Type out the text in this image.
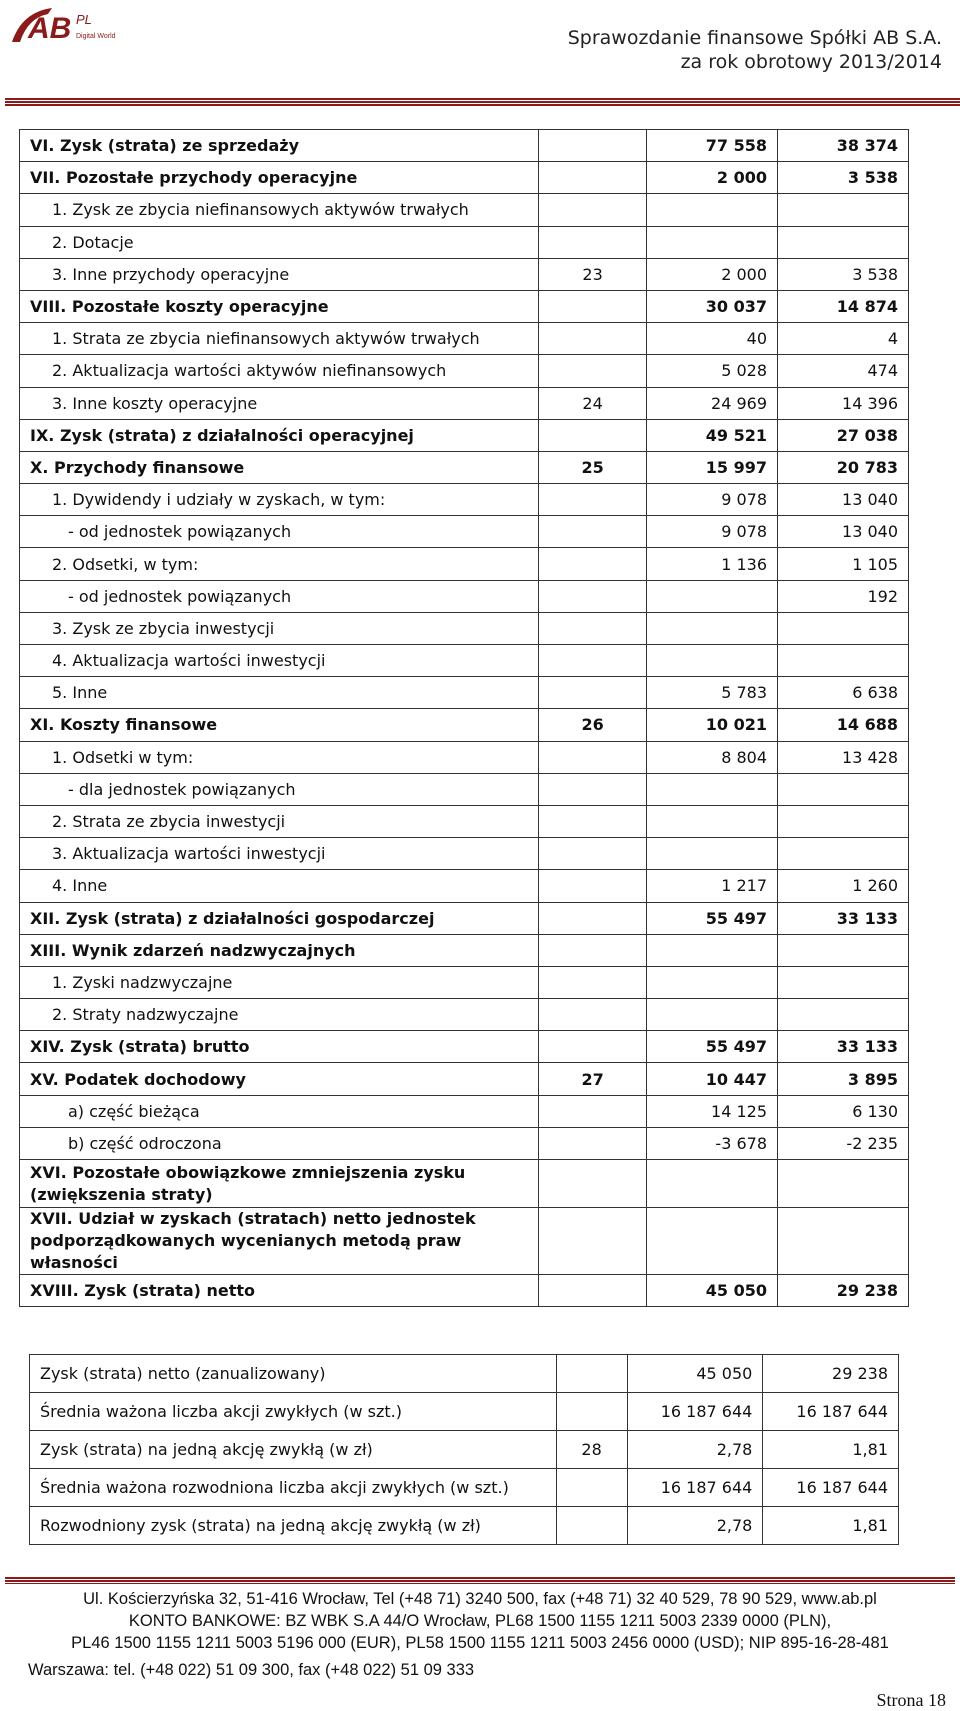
AB PL
Digital World	Sprawozdanie finansowe Spółki AB S.A.
za rok obrotowy 2013/2014
VI. Zysk (strata) ze sprzedaży		77 558	38 374
VII. Pozostałe przychody operacyjne		2 000	3 538
1. Zysk ze zbycia niefinansowych aktywów trwałych			
2. Dotacje			
3. Inne przychody operacyjne	23	2 000	3 538
VIII. Pozostałe koszty operacyjne		30 037	14 874
1. Strata ze zbycia niefinansowych aktywów trwałych		40	4
2. Aktualizacja wartości aktywów niefinansowych		5 028	474
3. Inne koszty operacyjne	24	24 969	14 396
IX. Zysk (strata) z działalności operacyjnej		49 521	27 038
X. Przychody finansowe	25	15 997	20 783
1. Dywidendy i udziały w zyskach, w tym:		9 078	13 040
- od jednostek powiązanych		9 078	13 040
2. Odsetki, w tym:		1 136	1 105
- od jednostek powiązanych			192
3. Zysk ze zbycia inwestycji			
4. Aktualizacja wartości inwestycji			
5. Inne		5 783	6 638
XI. Koszty finansowe	26	10 021	14 688
1. Odsetki w tym:		8 804	13 428
- dla jednostek powiązanych			
2. Strata ze zbycia inwestycji			
3. Aktualizacja wartości inwestycji			
4. Inne		1 217	1 260
XII. Zysk (strata) z działalności gospodarczej		55 497	33 133
XIII. Wynik zdarzeń nadzwyczajnych			
1. Zyski nadzwyczajne			
2. Straty nadzwyczajne			
XIV. Zysk (strata) brutto		55 497	33 133
XV. Podatek dochodowy	27	10 447	3 895
a) część bieżąca		14 125	6 130
b) część odroczona		-3 678	-2 235
XVI. Pozostałe obowiązkowe zmniejszenia zysku (zwiększenia straty)			
XVII. Udział w zyskach (stratach) netto jednostek podporządkowanych wycenianych metodą praw własności			
XVIII. Zysk (strata) netto		45 050	29 238
Zysk (strata) netto (zanualizowany)		45 050	29 238
Średnia ważona liczba akcji zwykłych (w szt.)		16 187 644	16 187 644
Zysk (strata) na jedną akcję zwykłą (w zł)	28	2,78	1,81
Średnia ważona rozwodniona liczba akcji zwykłych (w szt.)		16 187 644	16 187 644
Rozwodniony zysk (strata) na jedną akcję zwykłą (w zł)		2,78	1,81
Ul. Kościerzyńska 32, 51-416 Wrocław, Tel (+48 71) 3240 500, fax (+48 71) 32 40 529, 78 90 529, www.ab.pl
KONTO BANKOWE: BZ WBK S.A 44/O Wrocław, PL68 1500 1155 1211 5003 2339 0000 (PLN),
PL46 1500 1155 1211 5003 5196 000 (EUR), PL58 1500 1155 1211 5003 2456 0000 (USD); NIP 895-16-28-481
Warszawa: tel. (+48 022) 51 09 300, fax (+48 022) 51 09 333
Strona 18
